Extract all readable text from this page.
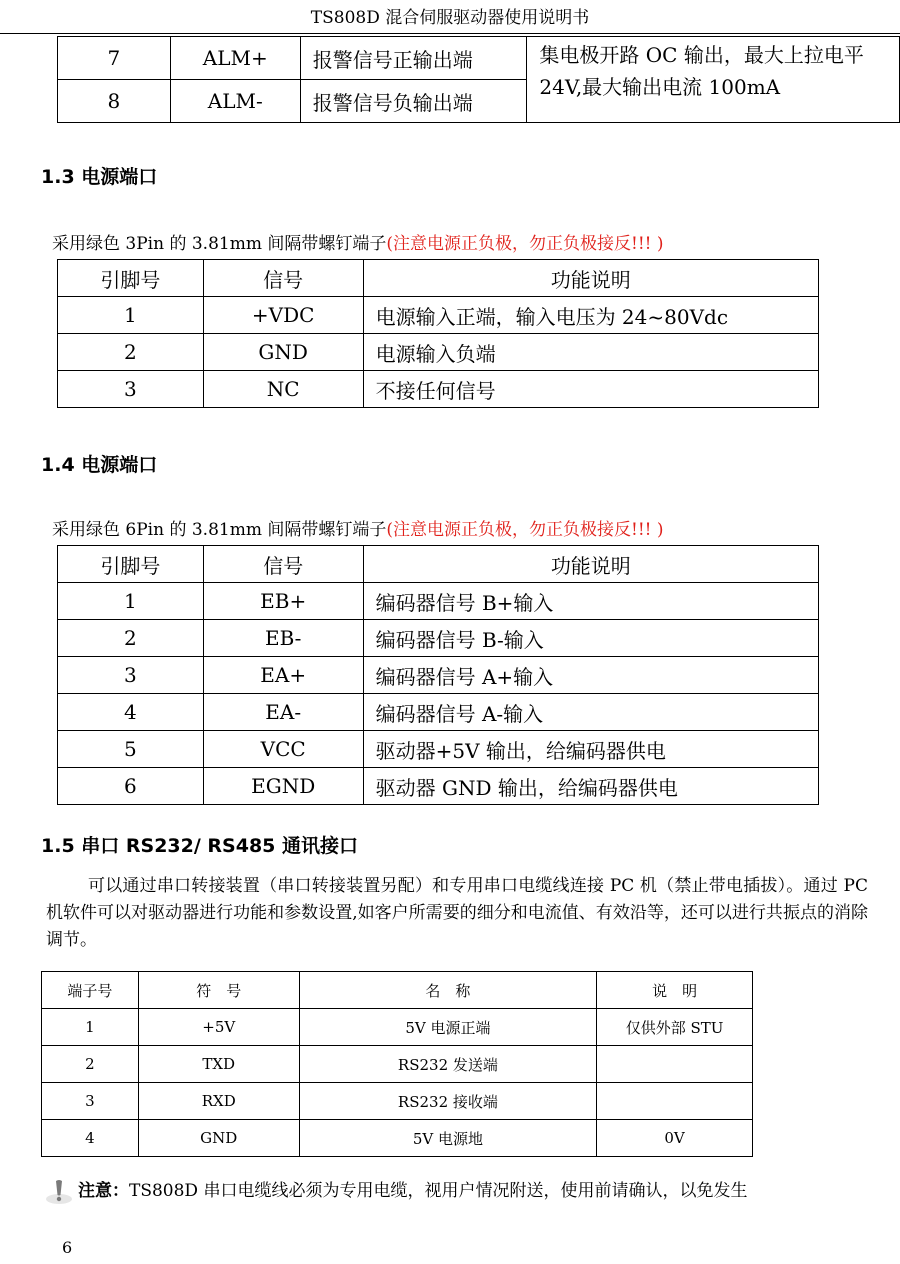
TS808D 混合伺服驱动器使用说明书
7	ALM+	报警信号正输出端	集电极开路 OC 输出，最大上拉电平 24V,最大输出电流 100mA
8	ALM-	报警信号负输出端	
1.3 电源端口
采用绿色 3Pin 的 3.81mm 间隔带螺钉端子(注意电源正负极，勿正负极接反!!! )
引脚号	信号	功能说明
1	+VDC	电源输入正端，输入电压为 24~80Vdc
2	GND	电源输入负端
3	NC	不接任何信号
1.4 电源端口
采用绿色 6Pin 的 3.81mm 间隔带螺钉端子(注意电源正负极，勿正负极接反!!! )
引脚号	信号	功能说明
1	EB+	编码器信号 B+输入
2	EB-	编码器信号 B-输入
3	EA+	编码器信号 A+输入
4	EA-	编码器信号 A-输入
5	VCC	驱动器+5V 输出，给编码器供电
6	EGND	驱动器 GND 输出，给编码器供电
1.5 串口 RS232/ RS485 通讯接口
可以通过串口转接装置（串口转接装置另配）和专用串口电缆线连接 PC 机（禁止带电插拔）。通过 PC 机软件可以对驱动器进行功能和参数设置,如客户所需要的细分和电流值、有效沿等，还可以进行共振点的消除调节。
端子号	符　号	名　称	说　明
1	+5V	5V 电源正端	仅供外部 STU
2	TXD	RS232 发送端	
3	RXD	RS232 接收端	
4	GND	5V 电源地	0V
注意：TS808D 串口电缆线必须为专用电缆，视用户情况附送，使用前请确认，以免发生
6
